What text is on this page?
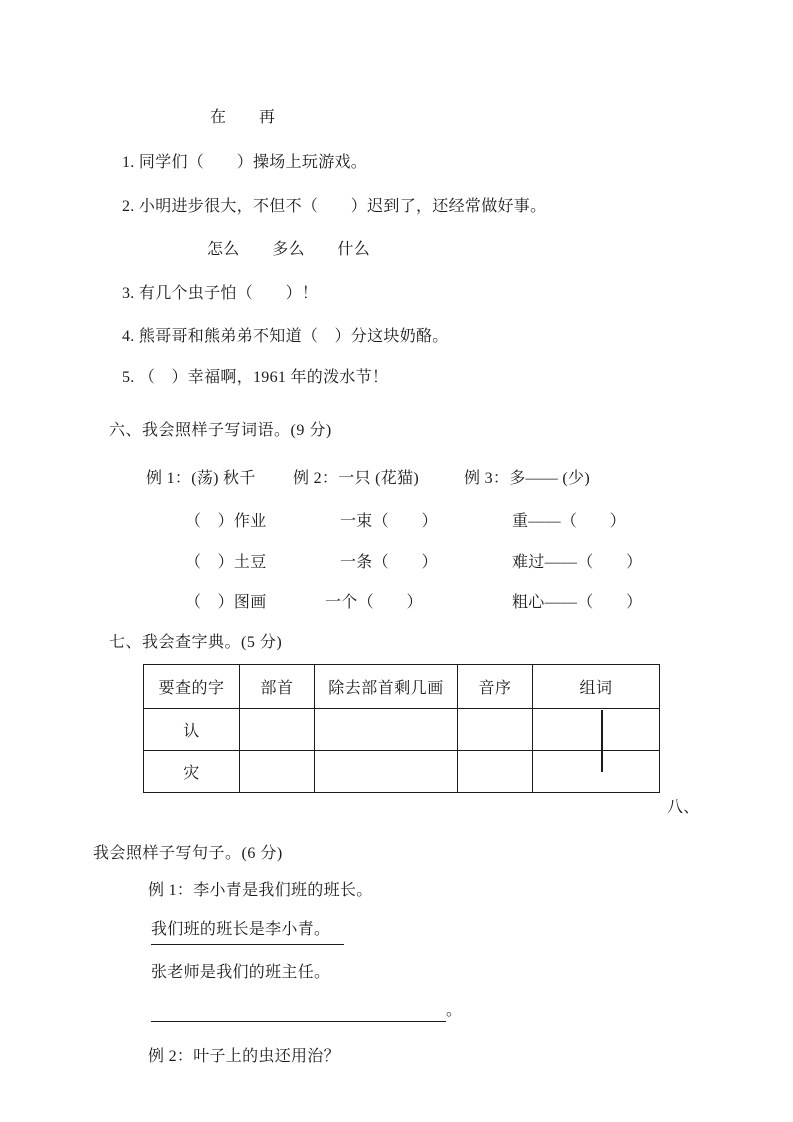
在　　再
1. 同学们（　　）操场上玩游戏。
2. 小明进步很大，不但不（　　）迟到了，还经常做好事。
怎么　　多么　　什么
3. 有几个虫子怕（　　）！
4. 熊哥哥和熊弟弟不知道（　）分这块奶酪。
5. （　）幸福啊，1961 年的泼水节！
六、我会照样子写词语。(9 分)
例 1：(荡) 秋千 例 2：一只 (花猫)	例 3：多—— (少)
（　）作业	一束（　　）	重——（　　）
（　）土豆	一条（　　）	难过——（　　）
（　）图画	一个（　　）	粗心——（　　）
七、我会查字典。(5 分)
要查的字	部首	除去部首剩几画	音序	组词
认				
灾				
八、
我会照样子写句子。(6 分)
例 1：李小青是我们班的班长。
我们班的班长是李小青。
张老师是我们的班主任。
。
例 2：叶子上的虫还用治？
